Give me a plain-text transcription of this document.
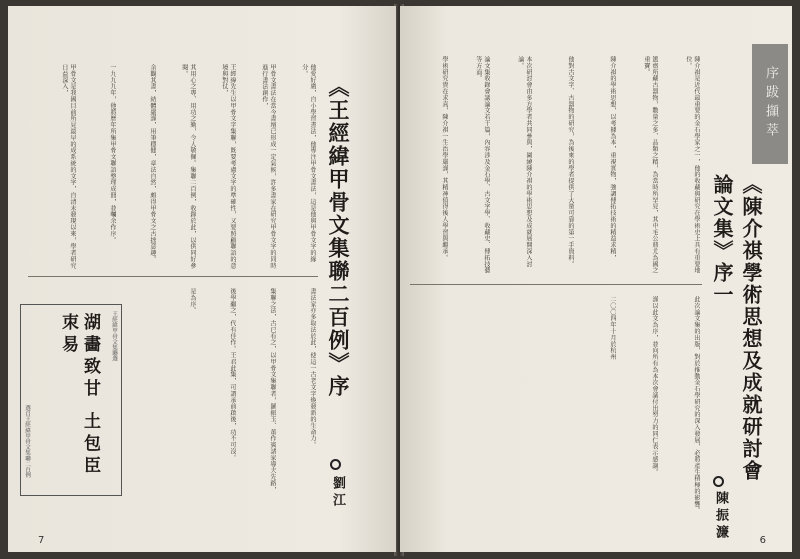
《王經緯甲骨文集聯二百例》序
劉江
他愛好廣，自小學習書法，他專注甲骨文書法，這是他與甲骨文字的緣分。
甲骨文書法在當今書壇已形成一定氣候，許多書家在研究甲骨文字的同時進行書法創作，
王經緯先生以甲骨文字集聯，既要考慮文字的準確性，又要照顧聯語的意境與對仗，
其用心之專、用功之勤，令人敬佩。集聯二百例，收錄於此，以供同好參閱。
余觀其書，結體嚴謹，用筆穩健，章法自然，頗得甲骨文之古拙意趣。
一九九九年，他將歷年所集甲骨文聯語整理成冊，並囑余作序。
甲骨文是我國目前所見最早的成系統的文字，自清末發現以來，學者研究日益深入，
書法家亦多取法於此，使這一古老文字煥發新的生命力。
集聯之法，古已有之，以甲骨文集聯者，羅振玉、董作賓諸家導夫先路，
後學繼之，代有佳作。王君此集，可謂承前啟後，功不可沒。
是為序。
王經緯甲骨文集聯選
湖畵致甘 土包臣朿易
選自王經緯甲骨文集聯二百例
7
序跋擷萃
《陳介祺學術思想及成就研討會論文集》序一
陳振濂
陳介祺是近代最重要的金石學家之一，他的收藏與研究在學術史上具有重要地位。
簠齋所藏古器物，數量之多、品類之精，為當時所罕見，其中毛公鼎尤為國之重寶。
陳介祺的學術思想，以考據為本，重視實物，強調傳拓技術的精益求精，
他對古文字、古器物的研究，為後來的學者提供了大量可靠的第一手資料。
本次研討會由多方學者共同參與，圍繞陳介祺的學術思想及成就展開深入討論。
論文集收錄會議論文若干篇，內容涉及金石學、古文字學、收藏史、傳拓技藝等方面。
學術研究貴在求真，陳介祺一生治學嚴謹，其精神值得後人學習與繼承。
此次論文集的出版，對於推動金石學研究的深入發展，必將產生積極的影響。
謹以此文為序，並向所有為本次會議付出努力的同仁表示感謝。
二〇〇四年十月於杭州
6
